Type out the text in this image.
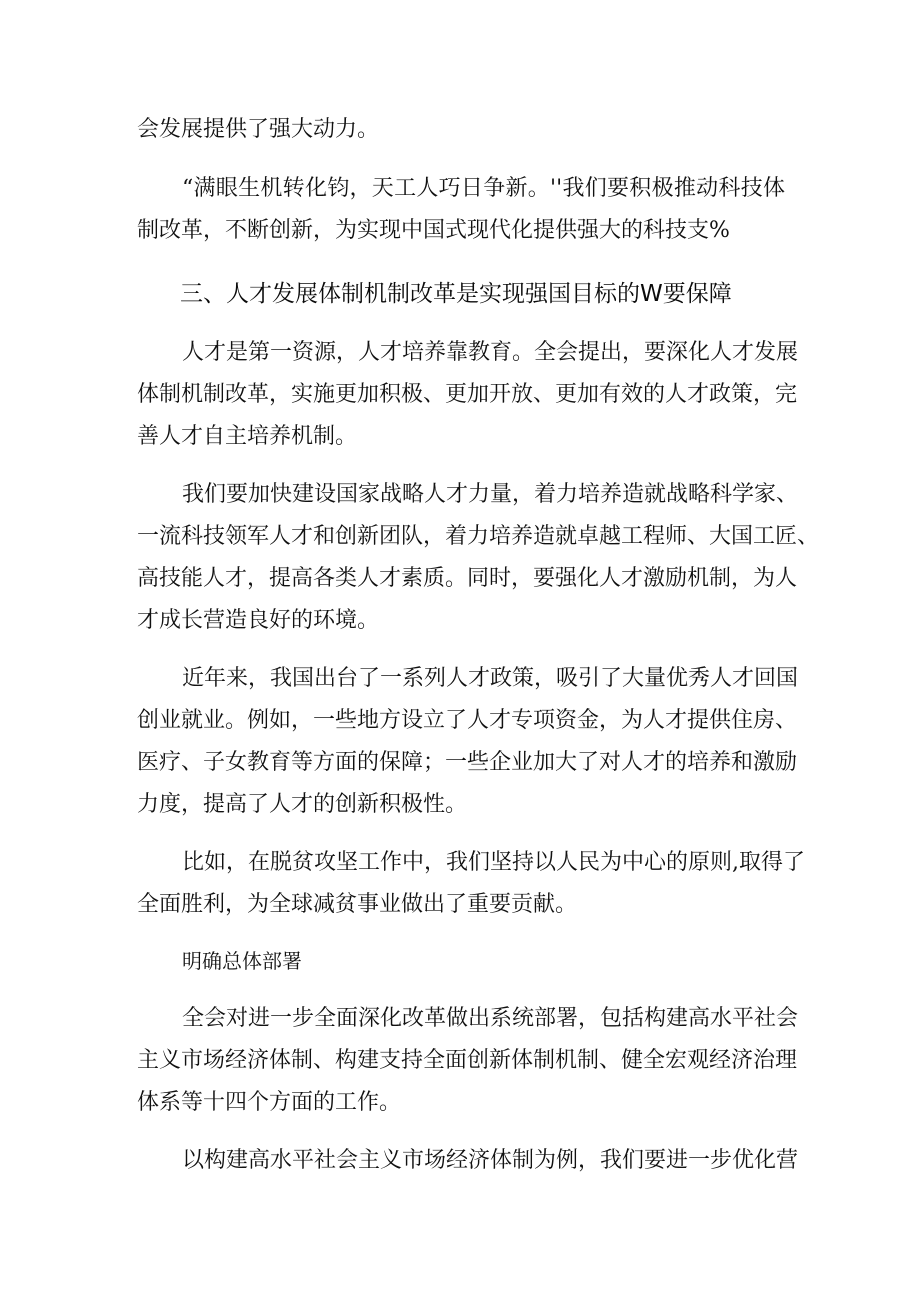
会发展提供了强大动力。
“满眼生机转化钧，天工人巧日争新。''我们要积极推动科技体
制改革，不断创新，为实现中国式现代化提供强大的科技支%
三、人才发展体制机制改革是实现强国目标的W要保障
人才是第一资源，人才培养靠教育。全会提出，要深化人才发展
体制机制改革，实施更加积极、更加开放、更加有效的人才政策，完
善人才自主培养机制。
我们要加快建设国家战略人才力量，着力培养造就战略科学家、
一流科技领军人才和创新团队，着力培养造就卓越工程师、大国工匠、
高技能人才，提高各类人才素质。同时，要强化人才激励机制，为人
才成长营造良好的环境。
近年来，我国出台了一系列人才政策，吸引了大量优秀人才回国
创业就业。例如，一些地方设立了人才专项资金，为人才提供住房、
医疗、子女教育等方面的保障；一些企业加大了对人才的培养和激励
力度，提高了人才的创新积极性。
比如，在脱贫攻坚工作中，我们坚持以人民为中心的原则,取得了
全面胜利，为全球减贫事业做出了重要贡献。
明确总体部署
全会对进一步全面深化改革做出系统部署，包括构建高水平社会
主义市场经济体制、构建支持全面创新体制机制、健全宏观经济治理
体系等十四个方面的工作。
以构建高水平社会主义市场经济体制为例，我们要进一步优化营
